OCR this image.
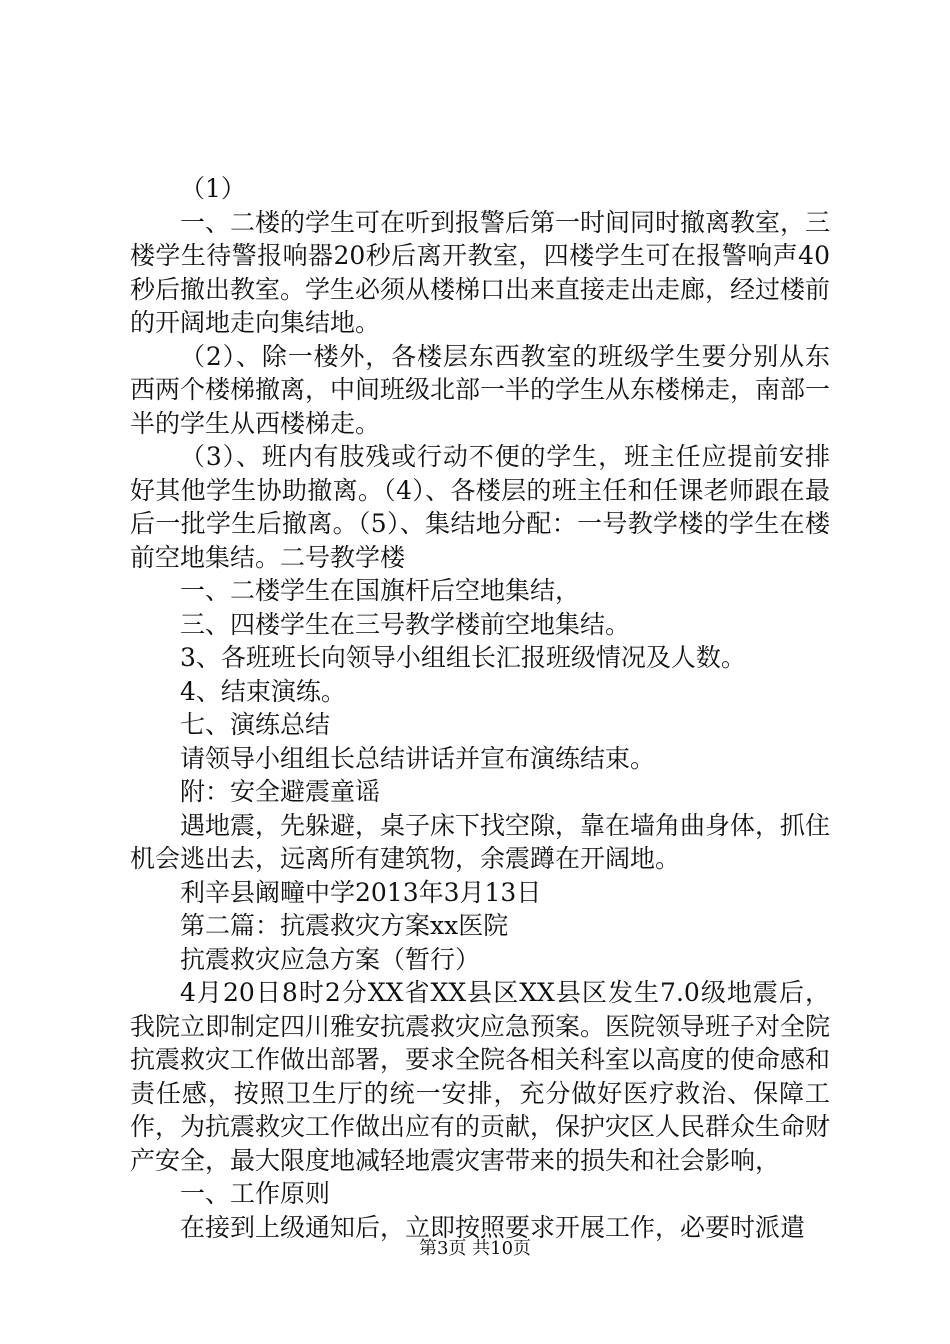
（1）

一、二楼的学生可在听到报警后第一时间同时撤离教室，三楼学生待警报响器20秒后离开教室，四楼学生可在报警响声40秒后撤出教室。学生必须从楼梯口出来直接走出走廊，经过楼前的开阔地走向集结地。

（2）、除一楼外，各楼层东西教室的班级学生要分别从东西两个楼梯撤离，中间班级北部一半的学生从东楼梯走，南部一半的学生从西楼梯走。

（3）、班内有肢残或行动不便的学生，班主任应提前安排好其他学生协助撤离。（4）、各楼层的班主任和任课老师跟在最后一批学生后撤离。（5）、集结地分配：一号教学楼的学生在楼前空地集结。二号教学楼

一、二楼学生在国旗杆后空地集结，

三、四楼学生在三号教学楼前空地集结。

3、各班班长向领导小组组长汇报班级情况及人数。

4、结束演练。

七、演练总结

请领导小组组长总结讲话并宣布演练结束。

附：安全避震童谣

遇地震，先躲避，桌子床下找空隙，靠在墙角曲身体，抓住机会逃出去，远离所有建筑物，余震蹲在开阔地。

利辛县阚疃中学2013年3月13日

第二篇：抗震救灾方案xx医院

抗震救灾应急方案（暂行）

4月20日8时2分XX省XX县区XX县区发生7.0级地震后，我院立即制定四川雅安抗震救灾应急预案。医院领导班子对全院抗震救灾工作做出部署，要求全院各相关科室以高度的使命感和责任感，按照卫生厅的统一安排，充分做好医疗救治、保障工作，为抗震救灾工作做出应有的贡献，保护灾区人民群众生命财产安全，最大限度地减轻地震灾害带来的损失和社会影响，

一、工作原则

在接到上级通知后，立即按照要求开展工作，必要时派遣

第3页 共10页
